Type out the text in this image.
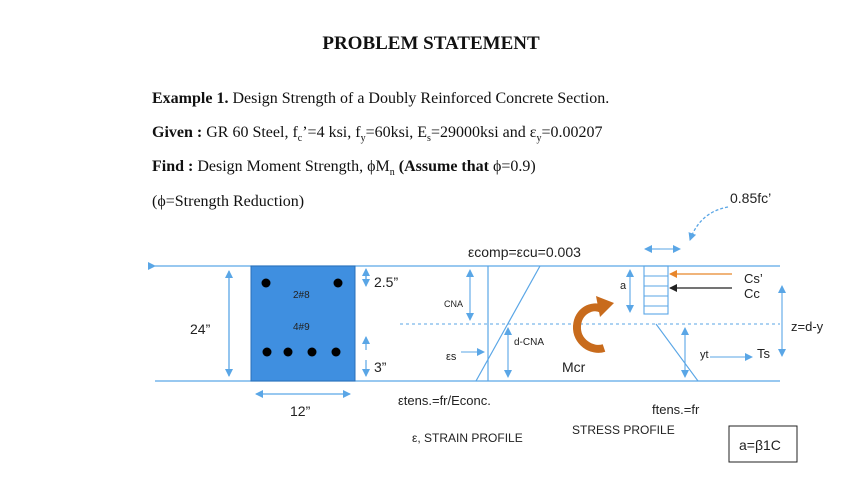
PROBLEM STATEMENT
Example 1. Design Strength of a Doubly Reinforced Concrete Section.
Given : GR 60 Steel, $f_c’=4$ ksi, $f_y=60ksi$, $E_s=29000ksi$ and $\varepsilon_y=0.00207$
Find : Design Moment Strength, $\phi M_n$ (Assume that ϕ=0.9)
(ϕ=Strength Reduction)	0.85fc’
εcomp=εcu=0.003
24”
2#8
4#9
2.5”
3”
12”
CNA
d-CNA
εs
εtens.=fr/Econc.
ε, STRAIN PROFILE
Mcr
a	Cs’
Cc
yt	Ts
z=d-y
ftens.=fr
STRESS PROFILE
a=β1C
